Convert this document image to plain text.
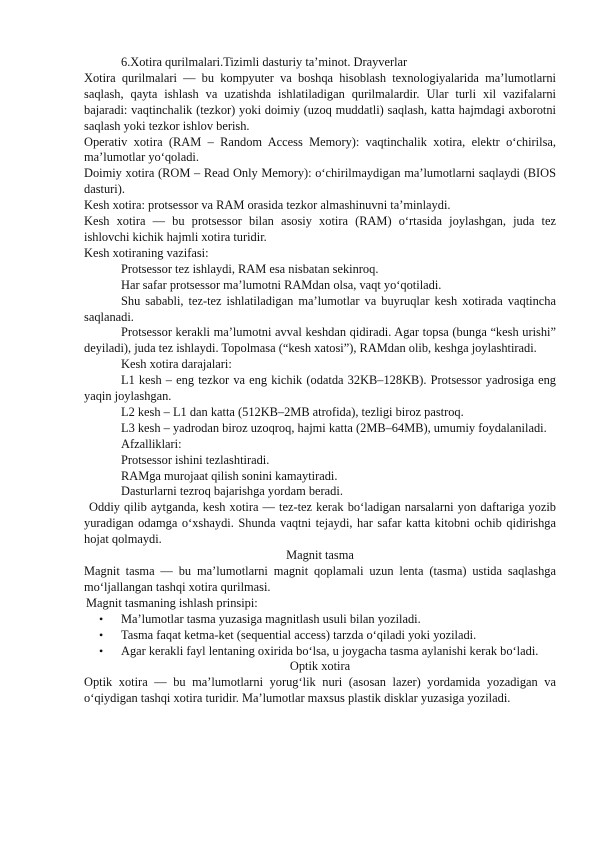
6.Xotira qurilmalari.Tizimli dasturiy ta’minot. Drayverlar

Xotira qurilmalari — bu kompyuter va boshqa hisoblash texnologiyalarida ma’lumotlarni saqlash, qayta ishlash va uzatishda ishlatiladigan qurilmalardir. Ular turli xil vazifalarni bajaradi: vaqtinchalik (tezkor) yoki doimiy (uzoq muddatli) saqlash, katta hajmdagi axborotni saqlash yoki tezkor ishlov berish.

Operativ xotira (RAM – Random Access Memory): vaqtinchalik xotira, elektr o‘chirilsa, ma’lumotlar yo‘qoladi.

Doimiy xotira (ROM – Read Only Memory): o‘chirilmaydigan ma’lumotlarni saqlaydi (BIOS dasturi).

Kesh xotira: protsessor va RAM orasida tezkor almashinuvni ta’minlaydi.

Kesh xotira — bu protsessor bilan asosiy xotira (RAM) o‘rtasida joylashgan, juda tez ishlovchi kichik hajmli xotira turidir.

Kesh xotiraning vazifasi:

Protsessor tez ishlaydi, RAM esa nisbatan sekinroq.

Har safar protsessor ma’lumotni RAMdan olsa, vaqt yo‘qotiladi.

Shu sababli, tez-tez ishlatiladigan ma’lumotlar va buyruqlar kesh xotirada vaqtincha saqlanadi.

Protsessor kerakli ma’lumotni avval keshdan qidiradi. Agar topsa (bunga “kesh urishi” deyiladi), juda tez ishlaydi. Topolmasa (“kesh xatosi”), RAMdan olib, keshga joylashtiradi.

Kesh xotira darajalari:

L1 kesh – eng tezkor va eng kichik (odatda 32KB–128KB). Protsessor yadrosiga eng yaqin joylashgan.

L2 kesh – L1 dan katta (512KB–2MB atrofida), tezligi biroz pastroq.

L3 kesh – yadrodan biroz uzoqroq, hajmi katta (2MB–64MB), umumiy foydalaniladi.

Afzalliklari:

Protsessor ishini tezlashtiradi.

RAMga murojaat qilish sonini kamaytiradi.

Dasturlarni tezroq bajarishga yordam beradi.

Oddiy qilib aytganda, kesh xotira — tez-tez kerak bo‘ladigan narsalarni yon daftariga yozib yuradigan odamga o‘xshaydi. Shunda vaqtni tejaydi, har safar katta kitobni ochib qidirishga hojat qolmaydi.

Magnit tasma

Magnit tasma — bu ma’lumotlarni magnit qoplamali uzun lenta (tasma) ustida saqlashga mo‘ljallangan tashqi xotira qurilmasi.

Magnit tasmaning ishlash prinsipi:

• Ma’lumotlar tasma yuzasiga magnitlash usuli bilan yoziladi.
• Tasma faqat ketma-ket (sequential access) tarzda o‘qiladi yoki yoziladi.
• Agar kerakli fayl lentaning oxirida bo‘lsa, u joygacha tasma aylanishi kerak bo‘ladi.

Optik xotira

Optik xotira — bu ma’lumotlarni yorug‘lik nuri (asosan lazer) yordamida yozadigan va o‘qiydigan tashqi xotira turidir. Ma’lumotlar maxsus plastik disklar yuzasiga yoziladi.
